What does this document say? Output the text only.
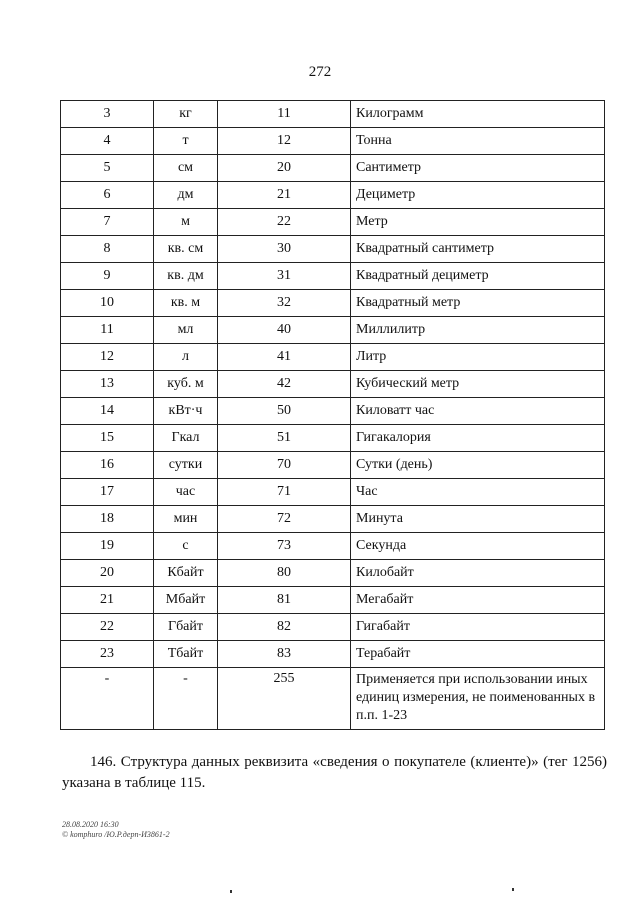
272
3	кг	11	Килограмм
4	т	12	Тонна
5	см	20	Сантиметр
6	дм	21	Дециметр
7	м	22	Метр
8	кв. см	30	Квадратный сантиметр
9	кв. дм	31	Квадратный дециметр
10	кв. м	32	Квадратный метр
11	мл	40	Миллилитр
12	л	41	Литр
13	куб. м	42	Кубический метр
14	кВт·ч	50	Киловатт час
15	Гкал	51	Гигакалория
16	сутки	70	Сутки (день)
17	час	71	Час
18	мин	72	Минута
19	с	73	Секунда
20	Кбайт	80	Килобайт
21	Мбайт	81	Мегабайт
22	Гбайт	82	Гигабайт
23	Тбайт	83	Терабайт
-	-	255	Применяется при использовании иных единиц измерения, не поименованных в п.п. 1-23
146. Структура данных реквизита «сведения о покупателе (клиенте)» (тег 1256) указана в таблице 115.
28.08.2020 16:30
© komphuro /Ю.Р.дерп-И3861-2
